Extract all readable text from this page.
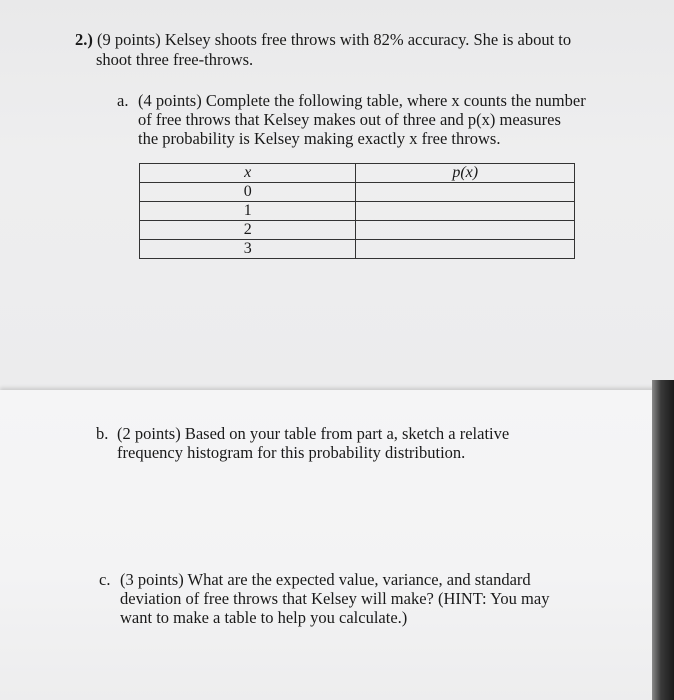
2.) (9 points) Kelsey shoots free throws with 82% accuracy. She is about to
shoot three free-throws.
a. (4 points) Complete the following table, where x counts the number
of free throws that Kelsey makes out of three and p(x) measures
the probability is Kelsey making exactly x free throws.
x	p(x)
0	
1	
2	
3	
b. (2 points) Based on your table from part a, sketch a relative
frequency histogram for this probability distribution.
c. (3 points) What are the expected value, variance, and standard
deviation of free throws that Kelsey will make? (HINT: You may
want to make a table to help you calculate.)
